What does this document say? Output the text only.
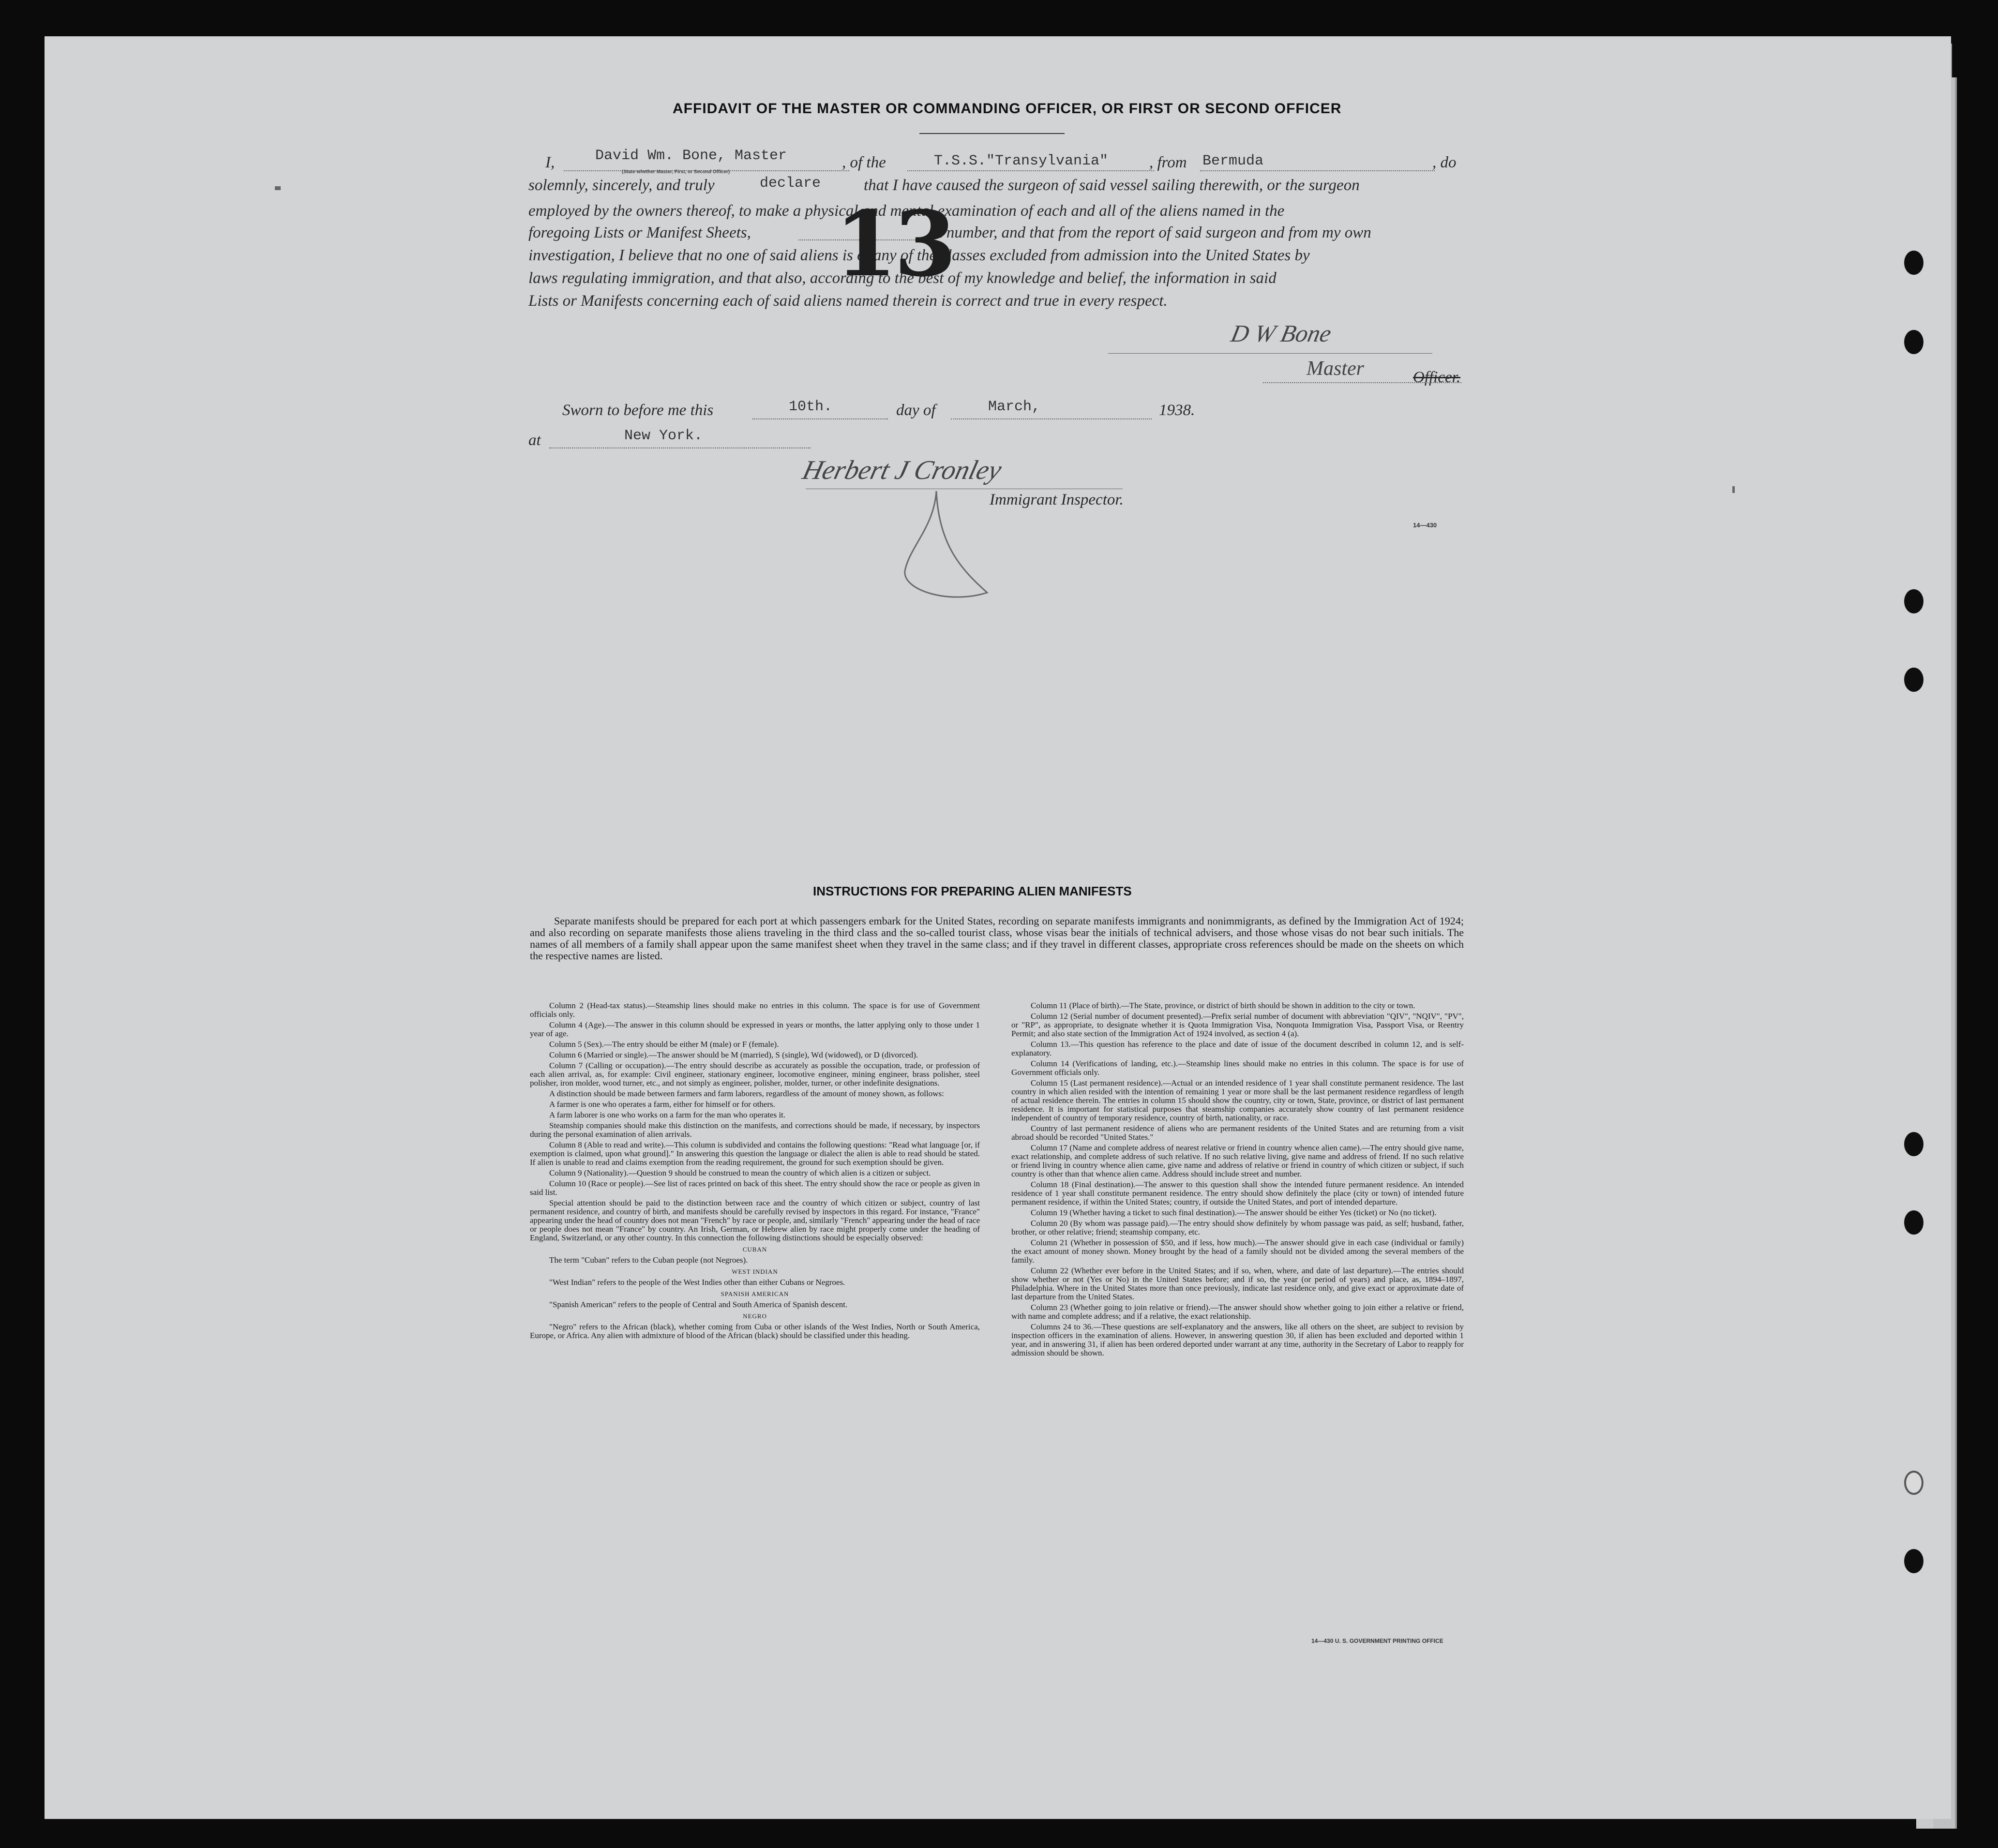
AFFIDAVIT OF THE MASTER OR COMMANDING OFFICER, OR FIRST OR SECOND OFFICER
I,	David Wm. Bone, Master
(State whether Master, First, or Second Officer)
, of the	T.S.S."Transylvania"	, from Bermuda	, do
solemnly, sincerely, and truly	declare	that I have caused the surgeon of said vessel sailing therewith, or the surgeon
employed by the owners thereof, to make a physical and mental examination of each and all of the aliens named in the
foregoing Lists or Manifest Sheets,	in number, and that from the report of said surgeon and from my own
investigation, I believe that no one of said aliens is of any of the classes excluded from admission into the United States by
laws regulating immigration, and that also, according to the best of my knowledge and belief, the information in said
Lists or Manifests concerning each of said aliens named therein is correct and true in every respect.
13
D W Bone
Master	Officer.
Sworn to before me this	10th.	day of	March,	1938.
at	New York.
Herbert J Cronley
Immigrant Inspector.
14—430
INSTRUCTIONS FOR PREPARING ALIEN MANIFESTS

Separate manifests should be prepared for each port at which passengers embark for the United States, recording on separate manifests immigrants and nonimmigrants, as defined by the Immigration Act of 1924; and also recording on separate manifests those aliens traveling in the third class and the so-called tourist class, whose visas bear the initials of technical advisers, and those whose visas do not bear such initials. The names of all members of a family shall appear upon the same manifest sheet when they travel in the same class; and if they travel in different classes, appropriate cross references should be made on the sheets on which the respective names are listed.

Column 2 (Head-tax status).—Steamship lines should make no entries in this column. The space is for use of Government officials only.

Column 4 (Age).—The answer in this column should be expressed in years or months, the latter applying only to those under 1 year of age.

Column 5 (Sex).—The entry should be either M (male) or F (female).

Column 6 (Married or single).—The answer should be M (married), S (single), Wd (widowed), or D (divorced).

Column 7 (Calling or occupation).—The entry should describe as accurately as possible the occupation, trade, or profession of each alien arrival, as, for example: Civil engineer, stationary engineer, locomotive engineer, mining engineer, brass polisher, steel polisher, iron molder, wood turner, etc., and not simply as engineer, polisher, molder, turner, or other indefinite designations.

A distinction should be made between farmers and farm laborers, regardless of the amount of money shown, as follows:

A farmer is one who operates a farm, either for himself or for others.

A farm laborer is one who works on a farm for the man who operates it.

Steamship companies should make this distinction on the manifests, and corrections should be made, if necessary, by inspectors during the personal examination of alien arrivals.

Column 8 (Able to read and write).—This column is subdivided and contains the following questions: "Read what language [or, if exemption is claimed, upon what ground]." In answering this question the language or dialect the alien is able to read should be stated. If alien is unable to read and claims exemption from the reading requirement, the ground for such exemption should be given.

Column 9 (Nationality).—Question 9 should be construed to mean the country of which alien is a citizen or subject.

Column 10 (Race or people).—See list of races printed on back of this sheet. The entry should show the race or people as given in said list.

Special attention should be paid to the distinction between race and the country of which citizen or subject, country of last permanent residence, and country of birth, and manifests should be carefully revised by inspectors in this regard. For instance, "France" appearing under the head of country does not mean "French" by race or people, and, similarly "French" appearing under the head of race or people does not mean "France" by country. An Irish, German, or Hebrew alien by race might properly come under the heading of England, Switzerland, or any other country. In this connection the following distinctions should be especially observed:

CUBAN

The term "Cuban" refers to the Cuban people (not Negroes).

WEST INDIAN

"West Indian" refers to the people of the West Indies other than either Cubans or Negroes.

SPANISH AMERICAN

"Spanish American" refers to the people of Central and South America of Spanish descent.

NEGRO

"Negro" refers to the African (black), whether coming from Cuba or other islands of the West Indies, North or South America, Europe, or Africa. Any alien with admixture of blood of the African (black) should be classified under this heading.

Column 11 (Place of birth).—The State, province, or district of birth should be shown in addition to the city or town.

Column 12 (Serial number of document presented).—Prefix serial number of document with abbreviation "QIV", "NQIV", "PV", or "RP", as appropriate, to designate whether it is Quota Immigration Visa, Nonquota Immigration Visa, Passport Visa, or Reentry Permit; and also state section of the Immigration Act of 1924 involved, as section 4 (a).

Column 13.—This question has reference to the place and date of issue of the document described in column 12, and is self-explanatory.

Column 14 (Verifications of landing, etc.).—Steamship lines should make no entries in this column. The space is for use of Government officials only.

Column 15 (Last permanent residence).—Actual or an intended residence of 1 year shall constitute permanent residence. The last country in which alien resided with the intention of remaining 1 year or more shall be the last permanent residence regardless of length of actual residence therein. The entries in column 15 should show the country, city or town, State, province, or district of last permanent residence. It is important for statistical purposes that steamship companies accurately show country of last permanent residence independent of country of temporary residence, country of birth, nationality, or race.

Country of last permanent residence of aliens who are permanent residents of the United States and are returning from a visit abroad should be recorded "United States."

Column 17 (Name and complete address of nearest relative or friend in country whence alien came).—The entry should give name, exact relationship, and complete address of such relative. If no such relative living, give name and address of friend. If no such relative or friend living in country whence alien came, give name and address of relative or friend in country of which citizen or subject, if such country is other than that whence alien came. Address should include street and number.

Column 18 (Final destination).—The answer to this question shall show the intended future permanent residence. An intended residence of 1 year shall constitute permanent residence. The entry should show definitely the place (city or town) of intended future permanent residence, if within the United States; country, if outside the United States, and port of intended departure.

Column 19 (Whether having a ticket to such final destination).—The answer should be either Yes (ticket) or No (no ticket).

Column 20 (By whom was passage paid).—The entry should show definitely by whom passage was paid, as self; husband, father, brother, or other relative; friend; steamship company, etc.

Column 21 (Whether in possession of $50, and if less, how much).—The answer should give in each case (individual or family) the exact amount of money shown. Money brought by the head of a family should not be divided among the several members of the family.

Column 22 (Whether ever before in the United States; and if so, when, where, and date of last departure).—The entries should show whether or not (Yes or No) in the United States before; and if so, the year (or period of years) and place, as, 1894–1897, Philadelphia. Where in the United States more than once previously, indicate last residence only, and give exact or approximate date of last departure from the United States.

Column 23 (Whether going to join relative or friend).—The answer should show whether going to join either a relative or friend, with name and complete address; and if a relative, the exact relationship.

Columns 24 to 36.—These questions are self-explanatory and the answers, like all others on the sheet, are subject to revision by inspection officers in the examination of aliens. However, in answering question 30, if alien has been excluded and deported within 1 year, and in answering 31, if alien has been ordered deported under warrant at any time, authority in the Secretary of Labor to reapply for admission should be shown.

14—430 U. S. GOVERNMENT PRINTING OFFICE
